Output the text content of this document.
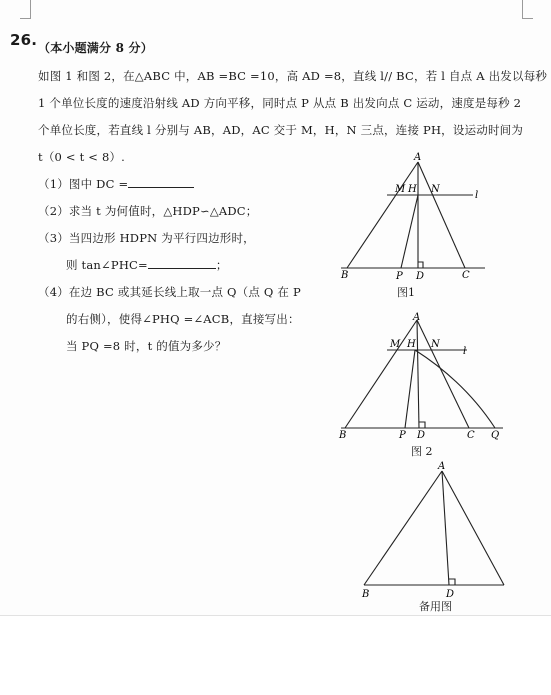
26. （本小题满分 8 分）
如图 1 和图 2，在△ABC 中，AB =BC =10，高 AD =8，直线 l// BC，若 l 自点 A 出发以每秒
1 个单位长度的速度沿射线 AD 方向平移，同时点 P 从点 B 出发向点 C 运动，速度是每秒 2
个单位长度，若直线 l 分别与 AB，AD，AC 交于 M，H，N 三点，连接 PH，设运动时间为
t（0 < t < 8）.
（1）图中 DC =
（2）求当 t 为何值时，△HDP∽△ADC；
（3）当四边形 HDPN 为平行四边形时，
则 tan∠PHC=	；
（4）在边 BC 或其延长线上取一点 Q（点 Q 在 P
的右侧），使得∠PHQ =∠ACB，直接写出：
当 PQ =8 时，t 的值为多少？
A
M H N
l
B	P D	C
图1
A
M H N
l
B	P D	C Q
图 2
A
B	D
备用图
